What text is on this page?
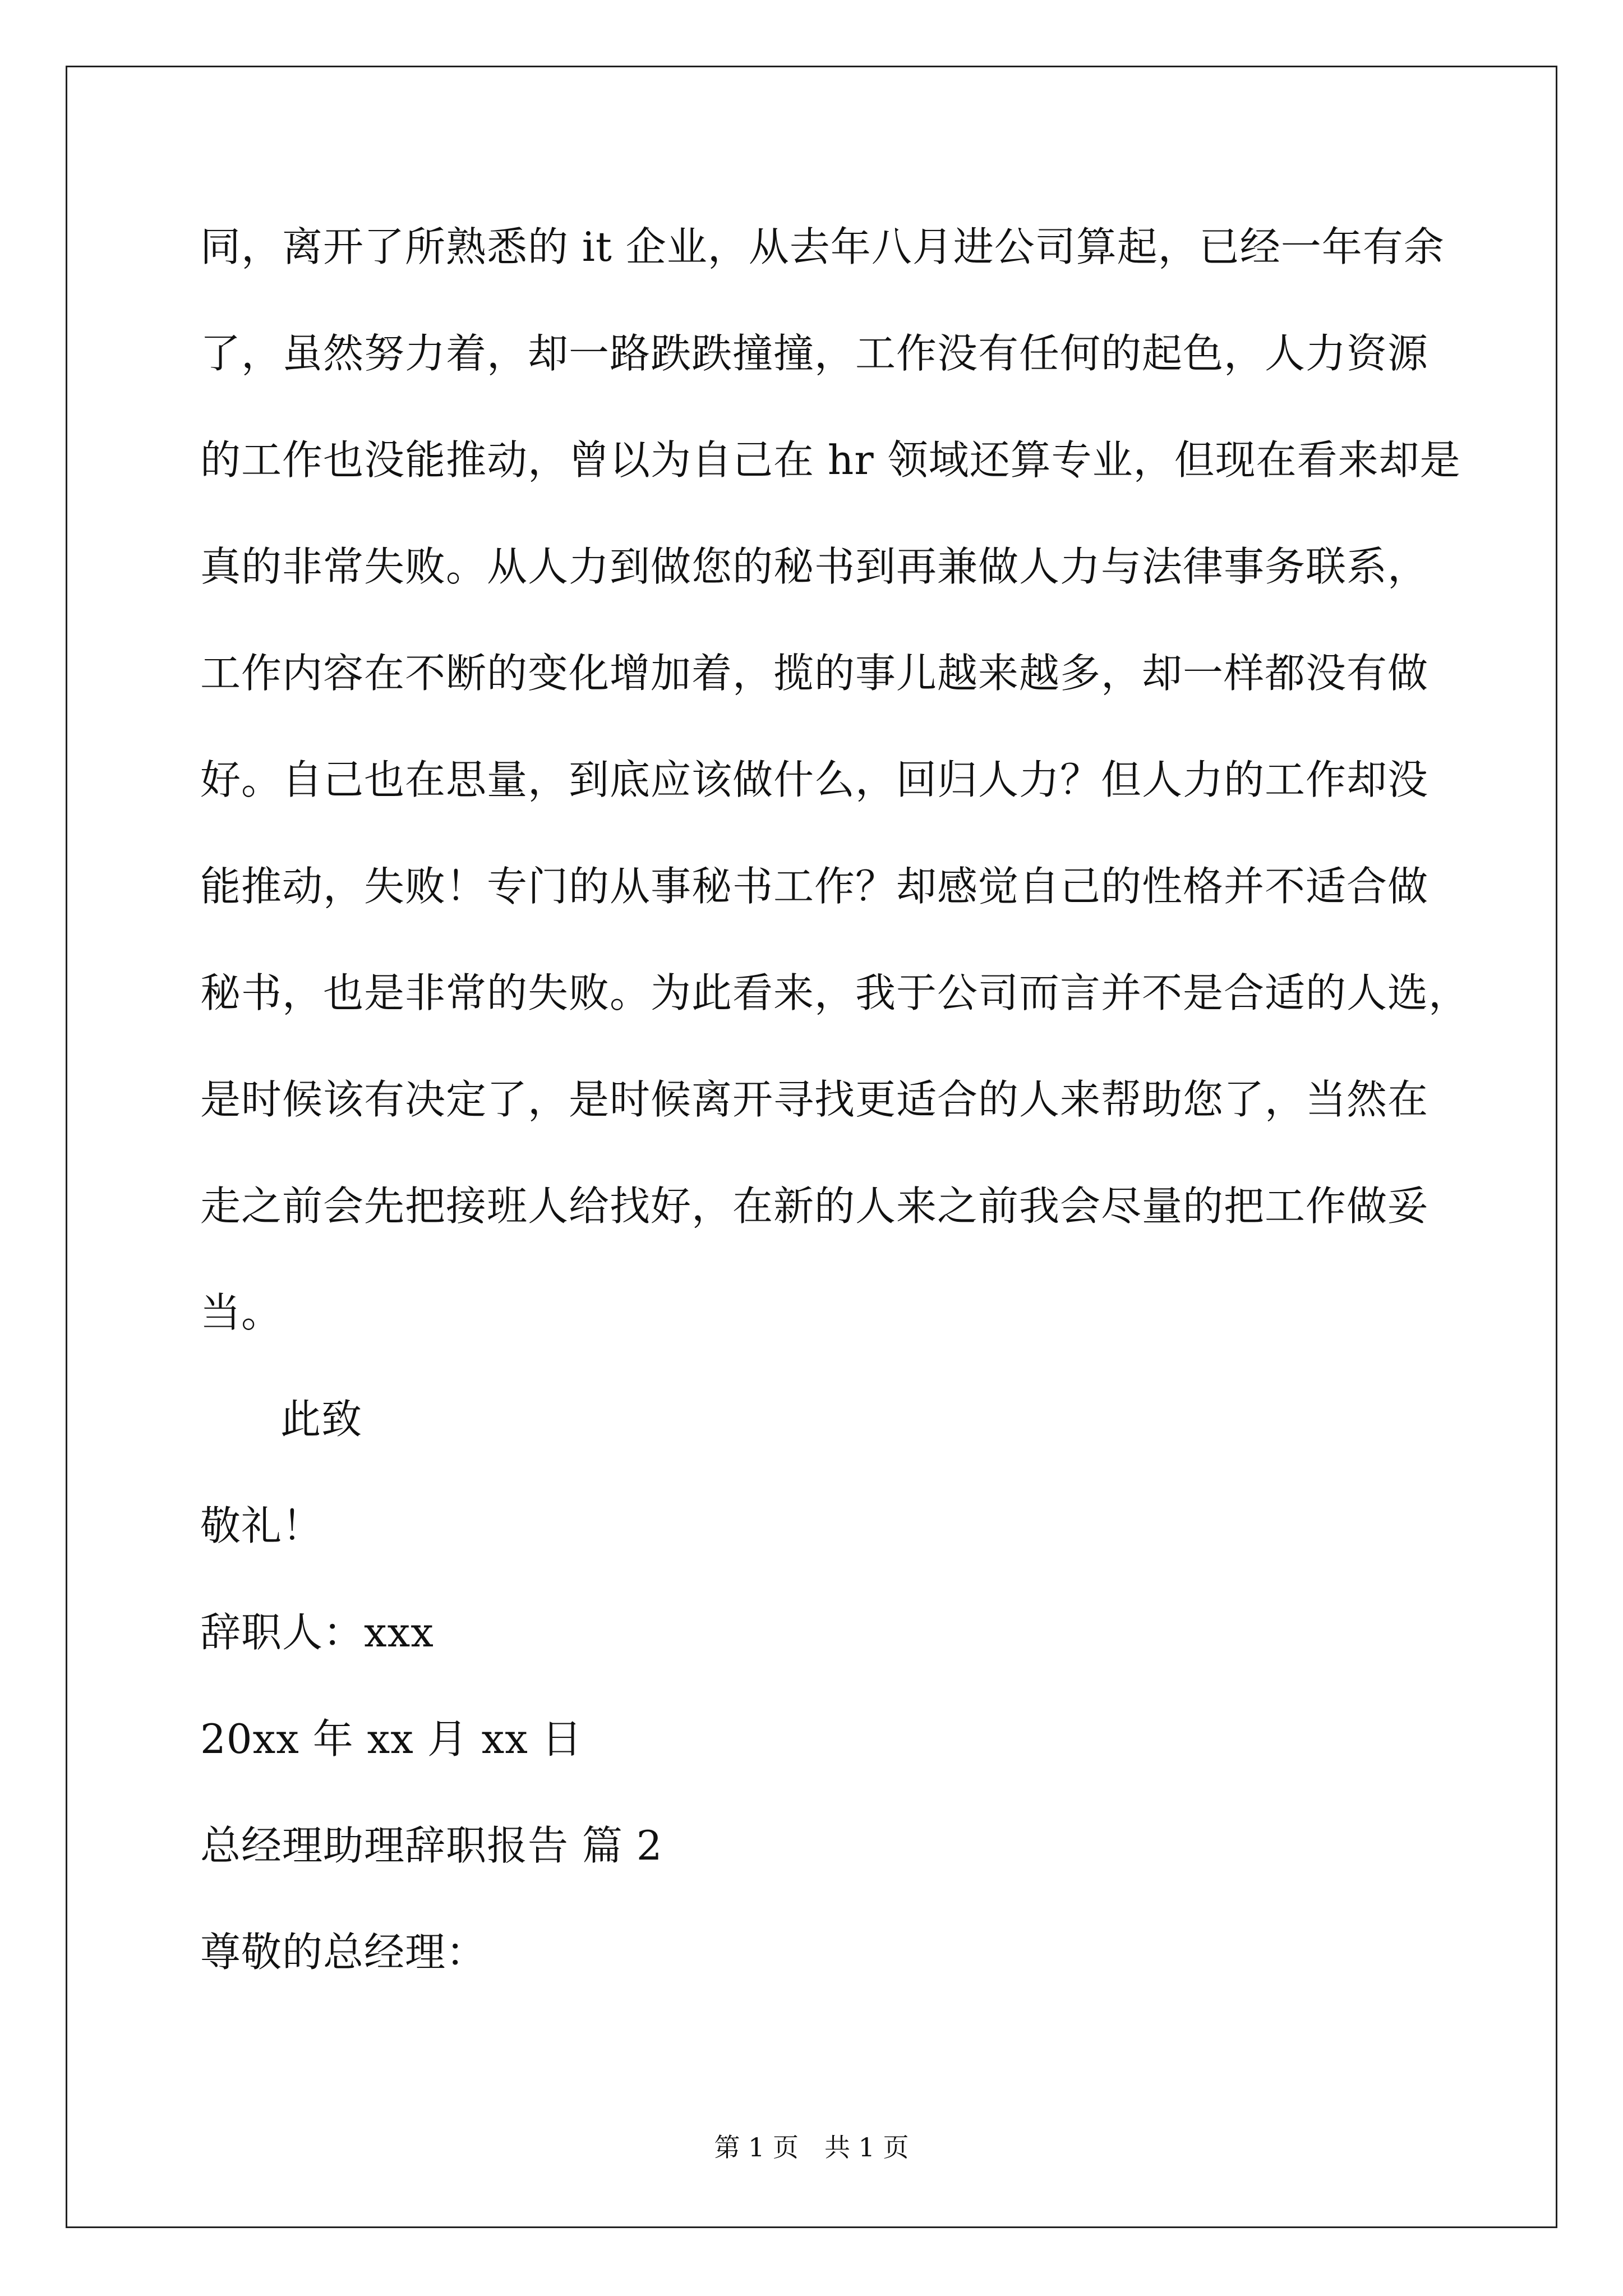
同，离开了所熟悉的 it 企业，从去年八月进公司算起，已经一年有余
了，虽然努力着，却一路跌跌撞撞，工作没有任何的起色，人力资源
的工作也没能推动，曾以为自己在 hr 领域还算专业，但现在看来却是
真的非常失败。从人力到做您的秘书到再兼做人力与法律事务联系，
工作内容在不断的变化增加着，揽的事儿越来越多，却一样都没有做
好。自己也在思量，到底应该做什么，回归人力？但人力的工作却没
能推动，失败！专门的从事秘书工作？却感觉自己的性格并不适合做
秘书，也是非常的失败。为此看来，我于公司而言并不是合适的人选，
是时候该有决定了，是时候离开寻找更适合的人来帮助您了，当然在
走之前会先把接班人给找好，在新的人来之前我会尽量的把工作做妥
当。
此致
敬礼！
辞职人：xxx
20xx 年 xx 月 xx 日
总经理助理辞职报告 篇 2
尊敬的总经理：
第 1 页　共 1 页
